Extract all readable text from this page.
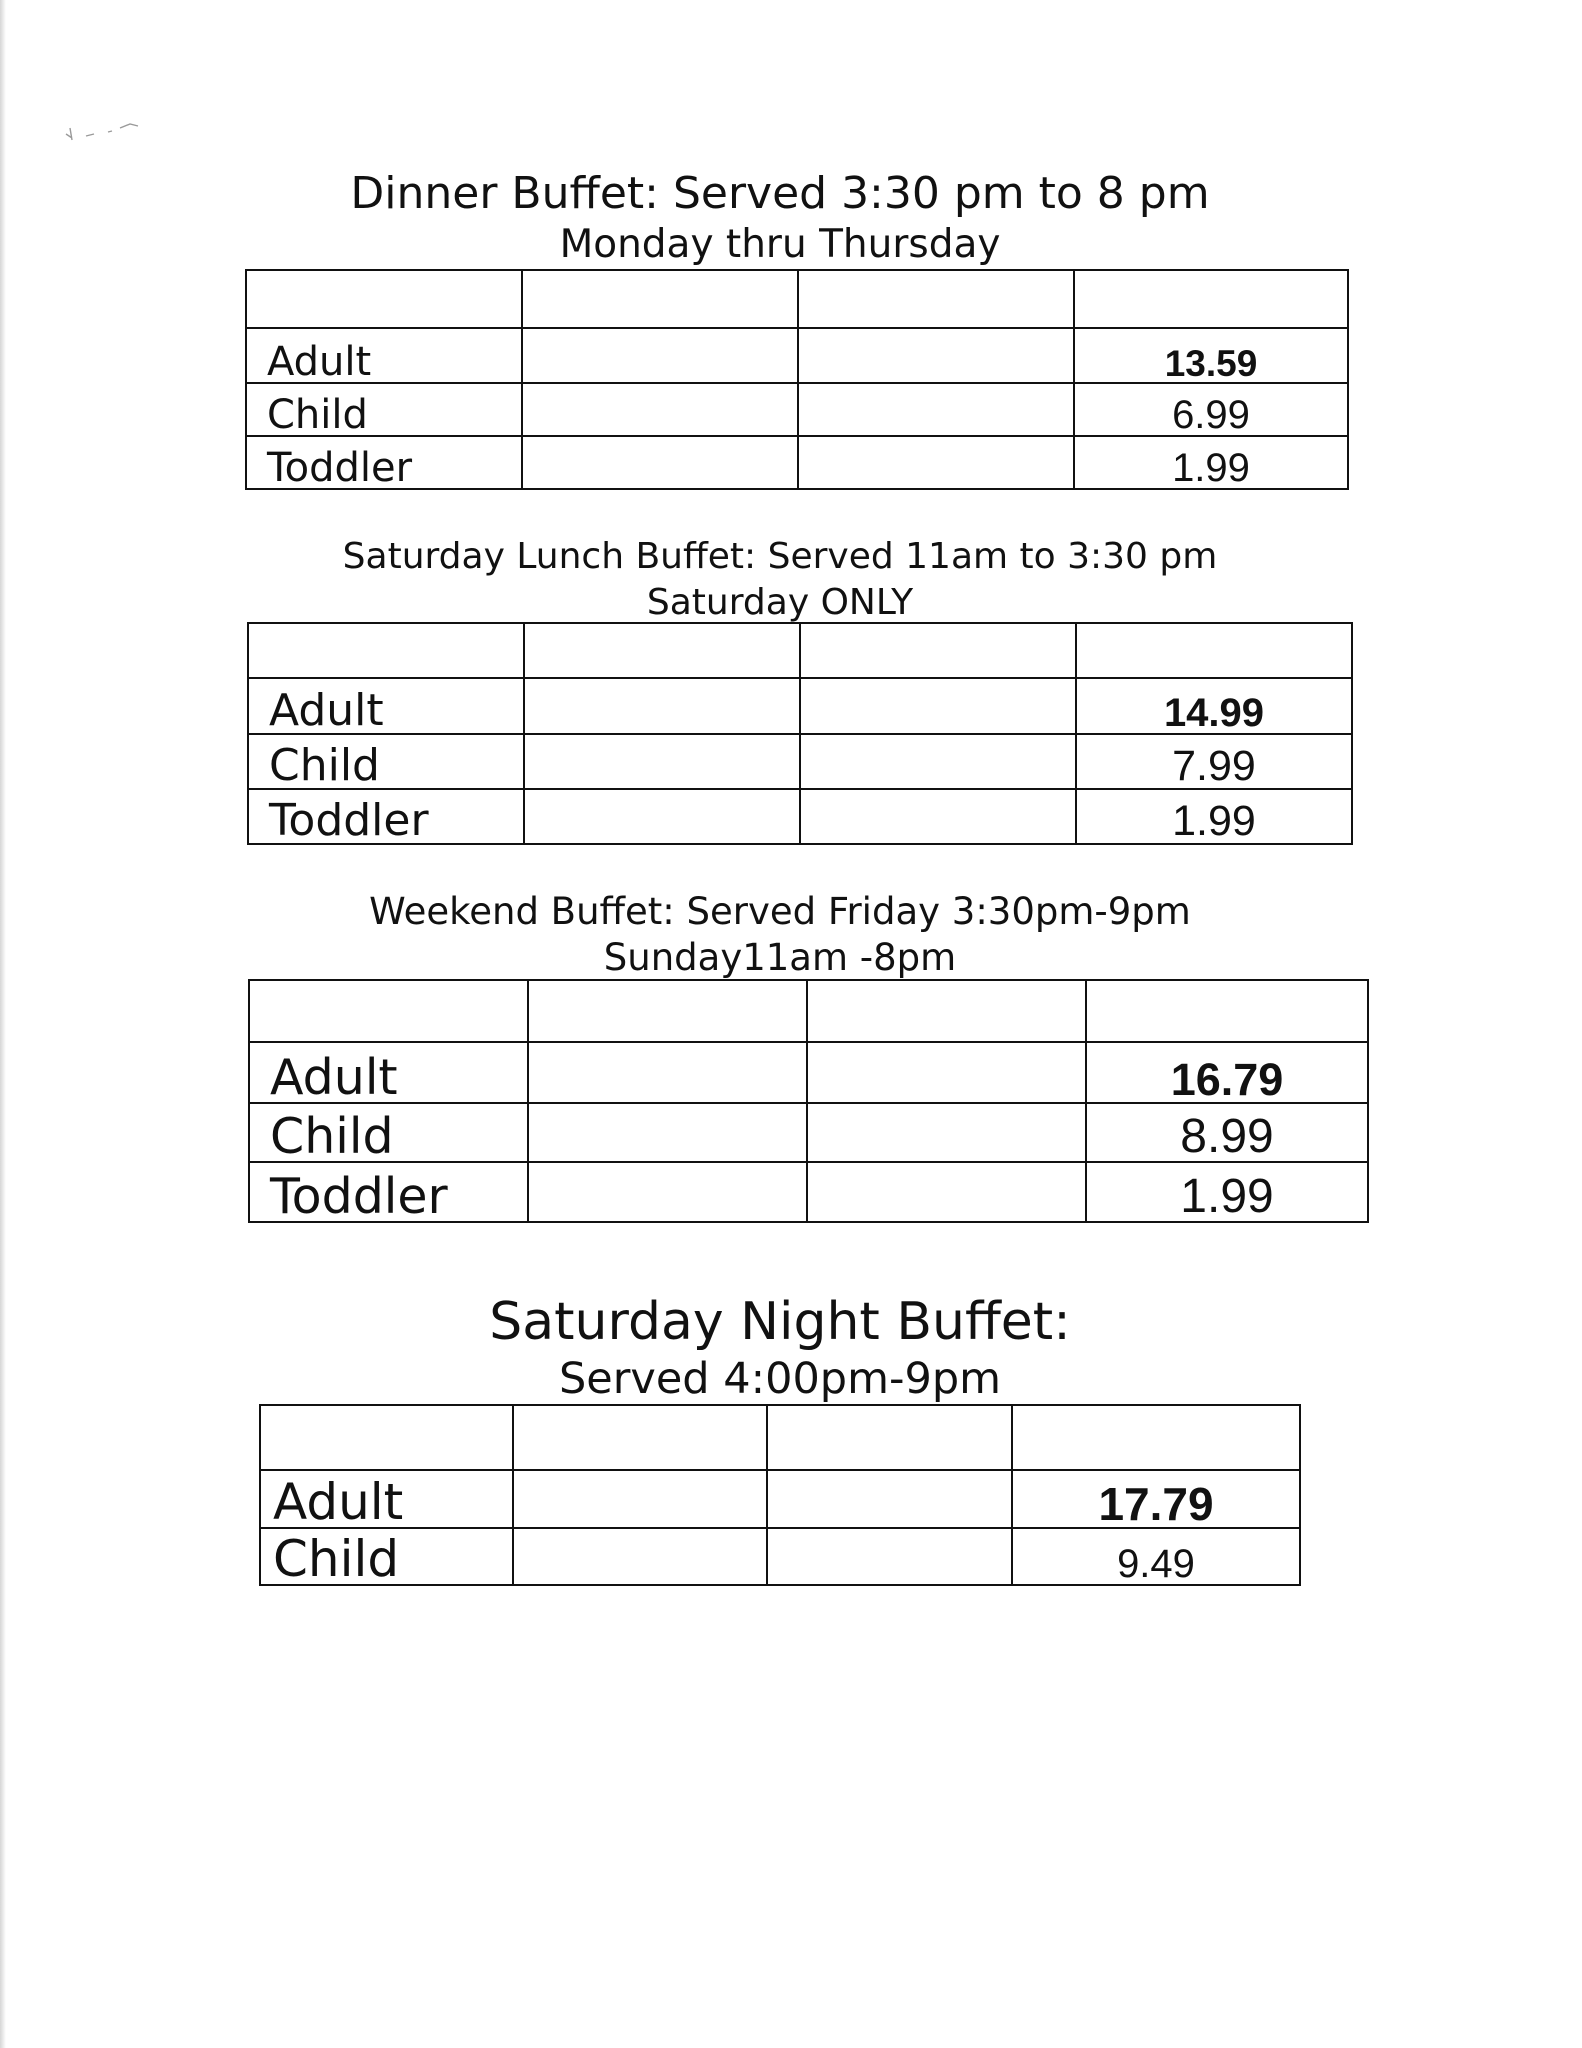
Dinner Buffet: Served 3:30 pm to 8 pm
Monday thru Thursday

Adult			13.59
Child			6.99
Toddler			1.99
Saturday Lunch Buffet: Served 11am to 3:30 pm
Saturday ONLY

Adult			14.99
Child			7.99
Toddler			1.99
Weekend Buffet: Served Friday 3:30pm-9pm
Sunday11am -8pm

Adult			16.79
Child			8.99
Toddler			1.99
Saturday Night Buffet:
Served 4:00pm-9pm

Adult			17.79
Child			9.49
